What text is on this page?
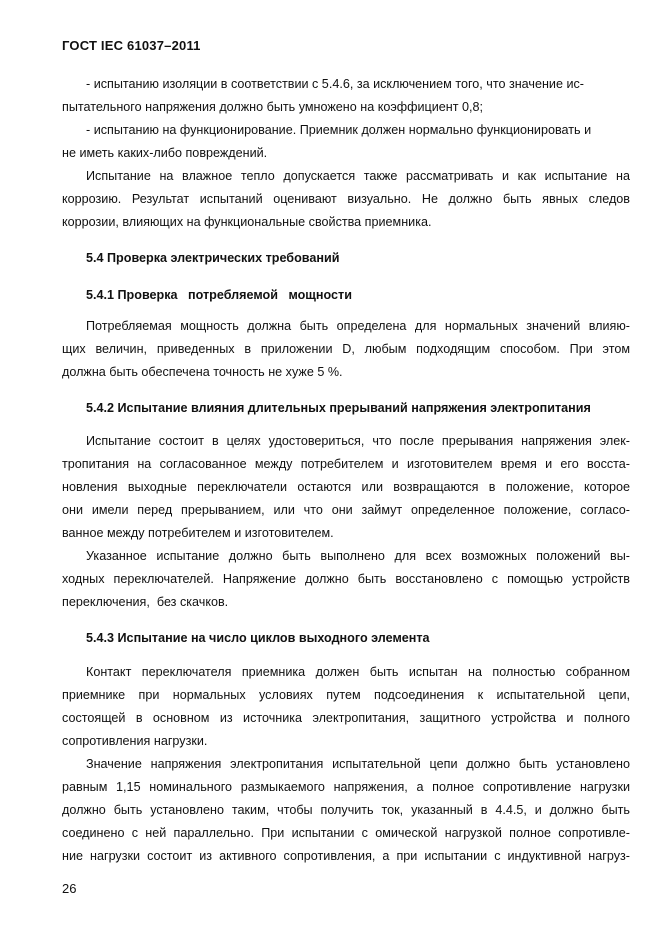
ГОСТ IEC 61037–2011
- испытанию изоляции в соответствии с 5.4.6, за исключением того, что значение ис-
пытательного напряжения должно быть умножено на коэффициент 0,8;
- испытанию на функционирование. Приемник должен нормально функционировать и
не иметь каких-либо повреждений.
Испытание на влажное тепло допускается также рассматривать и как испытание на
коррозию. Результат испытаний оценивают визуально. Не должно быть явных следов
коррозии, влияющих на функциональные свойства приемника.
5.4 Проверка электрических требований
5.4.1 Проверка   потребляемой   мощности
Потребляемая мощность должна быть определена для нормальных значений влияю-
щих величин, приведенных в приложении D, любым подходящим способом. При этом
должна быть обеспечена точность не хуже 5 %.
5.4.2 Испытание влияния длительных прерываний напряжения электропитания
Испытание состоит в целях удостовериться, что после прерывания напряжения элек-
тропитания на согласованное между потребителем и изготовителем время и его восста-
новления выходные переключатели остаются или возвращаются в положение, которое
они имели перед прерыванием, или что они займут определенное положение, согласо-
ванное между потребителем и изготовителем.
Указанное испытание должно быть выполнено для всех возможных положений вы-
ходных переключателей. Напряжение должно быть восстановлено с помощью устройств
переключения,  без скачков.
5.4.3 Испытание на число циклов выходного элемента
Контакт переключателя приемника должен быть испытан на полностью собранном
приемнике при нормальных условиях путем подсоединения к испытательной цепи,
состоящей в основном из источника электропитания, защитного устройства и полного
сопротивления нагрузки.
Значение напряжения электропитания испытательной цепи должно быть установлено
равным 1,15 номинального размыкаемого напряжения, а полное сопротивление нагрузки
должно быть установлено таким, чтобы получить ток, указанный в 4.4.5, и должно быть
соединено с ней параллельно. При испытании с омической нагрузкой полное сопротивле-
ние нагрузки состоит из активного сопротивления, а при испытании с индуктивной нагруз-
26
